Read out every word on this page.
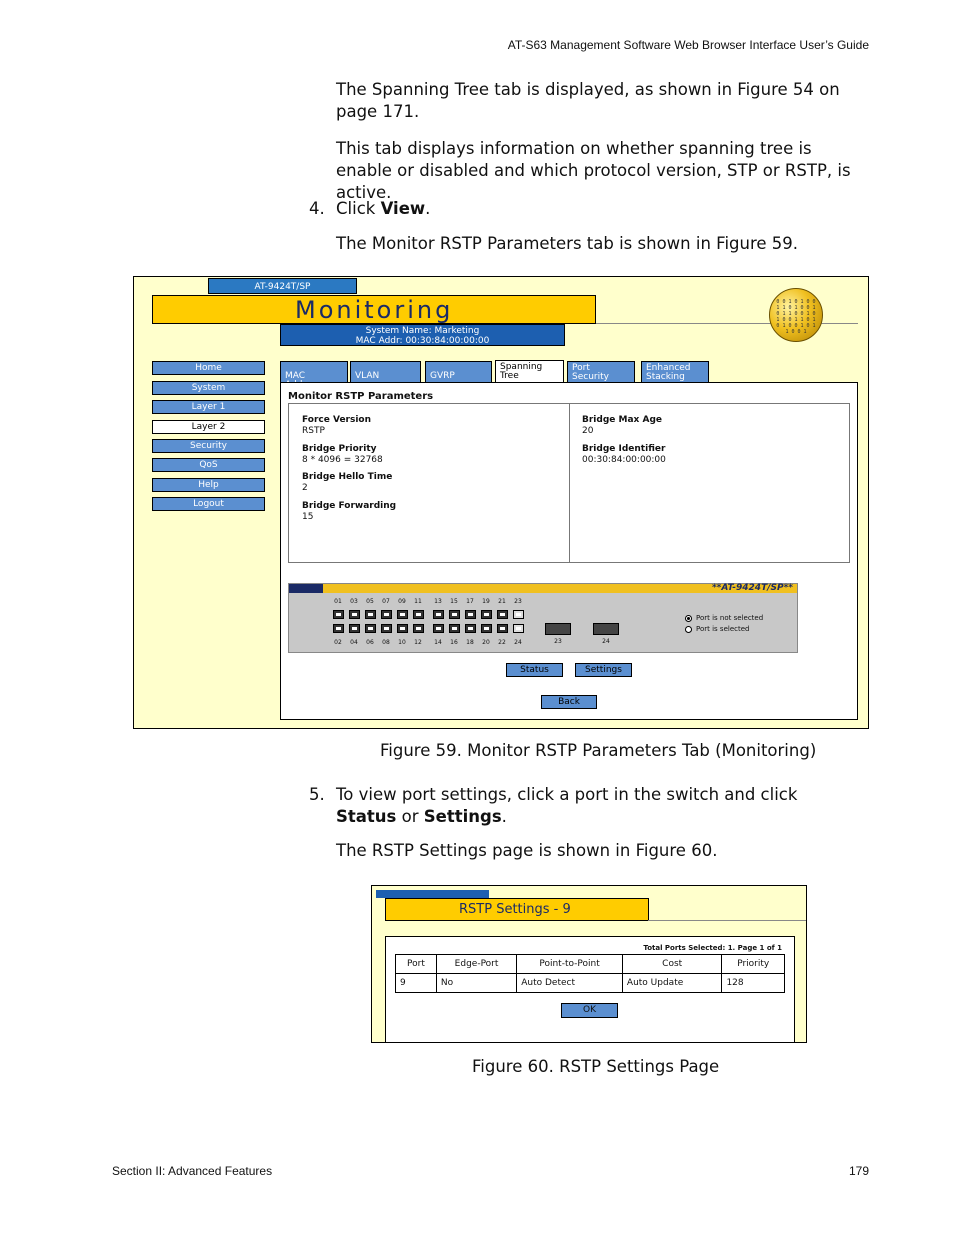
AT-S63 Management Software Web Browser Interface User’s Guide
The Spanning Tree tab is displayed, as shown in Figure 54 on page 171.
This tab displays information on whether spanning tree is enable or disabled and which protocol version, STP or RSTP, is active.
4. Click View.
The Monitor RSTP Parameters tab is shown in Figure 59.
AT-9424T/SP
Monitoring
System Name: Marketing
MAC Addr: 00:30:84:00:00:00
0 0 1 0 1 0 0 1 1 0 1 0 0 1 0 1 1 0 0 1 0 1 0 0 1 1 0 1 0 1 0 0 1 0 1 1 0 0 1
Home
System
Layer 1
Layer 2
Security
QoS
Help
Logout
MAC	VLAN	GVRP
Spanning
Tree
Port
Security
Enhanced
Stacking
Monitor RSTP Parameters
Force Version
RSTP
Bridge Priority
8 * 4096 = 32768
Bridge Hello Time
2
Bridge Forwarding
15
Bridge Max Age
20
Bridge Identifier
00:30:84:00:00:00
**AT-9424T/SP**
01	03	05	07	09	11	13	15	17	19	21	23
02	04	06	08	10	12	14	16	18	20	22	24	23	24
Port is not selected
Port is selected
Status	Settings
Back
Figure 59. Monitor RSTP Parameters Tab (Monitoring)
5. To view port settings, click a port in the switch and click Status or Settings.
The RSTP Settings page is shown in Figure 60.
RSTP Settings - 9
Total Ports Selected: 1. Page 1 of 1
Port	Edge-Port	Point-to-Point	Cost	Priority
9	No	Auto Detect	Auto Update	128
OK
Figure 60. RSTP Settings Page
Section II: Advanced Features	179
